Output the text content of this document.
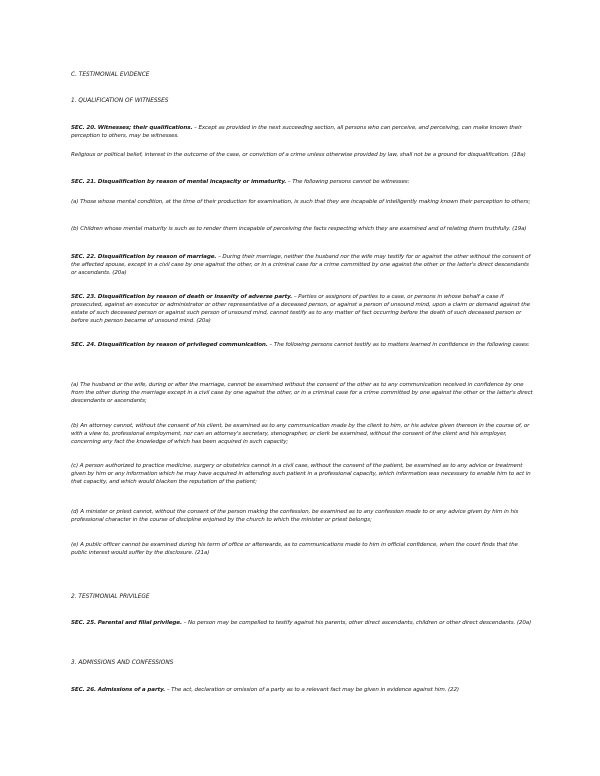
C. TESTIMONIAL EVIDENCE

1. QUALIFICATION OF WITNESSES

SEC. 20. Witnesses; their qualifications. – Except as provided in the next succeeding section, all persons who can perceive, and perceiving, can make known their perception to others, may be witnesses.

Religious or political belief, interest in the outcome of the case, or conviction of a crime unless otherwise provided by law, shall not be a ground for disqualification. (18a)

SEC. 21. Disqualification by reason of mental incapacity or immaturity. – The following persons cannot be witnesses:

(a) Those whose mental condition, at the time of their production for examination, is such that they are incapable of intelligently making known their perception to others;

(b) Children whose mental maturity is such as to render them incapable of perceiving the facts respecting which they are examined and of relating them truthfully. (19a)

SEC. 22. Disqualification by reason of marriage. – During their marriage, neither the husband nor the wife may testify for or against the other without the consent of the affected spouse, except in a civil case by one against the other, or in a criminal case for a crime committed by one against the other or the latter's direct descendants or ascendants. (20a)

SEC. 23. Disqualification by reason of death or insanity of adverse party. – Parties or assignors of parties to a case, or persons in whose behalf a case if prosecuted, against an executor or administrator or other representative of a deceased person, or against a person of unsound mind, upon a claim or demand against the estate of such deceased person or against such person of unsound mind, cannot testify as to any matter of fact occurring before the death of such deceased person or before such person became of unsound mind. (20a)

SEC. 24. Disqualification by reason of privileged communication. – The following persons cannot testify as to matters learned in confidence in the following cases:

(a) The husband or the wife, during or after the marriage, cannot be examined without the consent of the other as to any communication received in confidence by one from the other during the marriage except in a civil case by one against the other, or in a criminal case for a crime committed by one against the other or the latter's direct descendants or ascendants;

(b) An attorney cannot, without the consent of his client, be examined as to any communication made by the client to him, or his advice given thereon in the course of, or with a view to, professional employment, nor can an attorney's secretary, stenographer, or clerk be examined, without the consent of the client and his employer, concerning any fact the knowledge of which has been acquired in such capacity;

(c) A person authorized to practice medicine, surgery or obstetrics cannot in a civil case, without the consent of the patient, be examined as to any advice or treatment given by him or any information which he may have acquired in attending such patient in a professional capacity, which information was necessary to enable him to act in that capacity, and which would blacken the reputation of the patient;

(d) A minister or priest cannot, without the consent of the person making the confession, be examined as to any confession made to or any advice given by him in his professional character in the course of discipline enjoined by the church to which the minister or priest belongs;

(e) A public officer cannot be examined during his term of office or afterwards, as to communications made to him in official confidence, when the court finds that the public interest would suffer by the disclosure. (21a)

2. TESTIMONIAL PRIVILEGE

SEC. 25. Parental and filial privilege. – No person may be compelled to testify against his parents, other direct ascendants, children or other direct descendants. (20a)

3. ADMISSIONS AND CONFESSIONS

SEC. 26. Admissions of a party. – The act, declaration or omission of a party as to a relevant fact may be given in evidence against him. (22)
